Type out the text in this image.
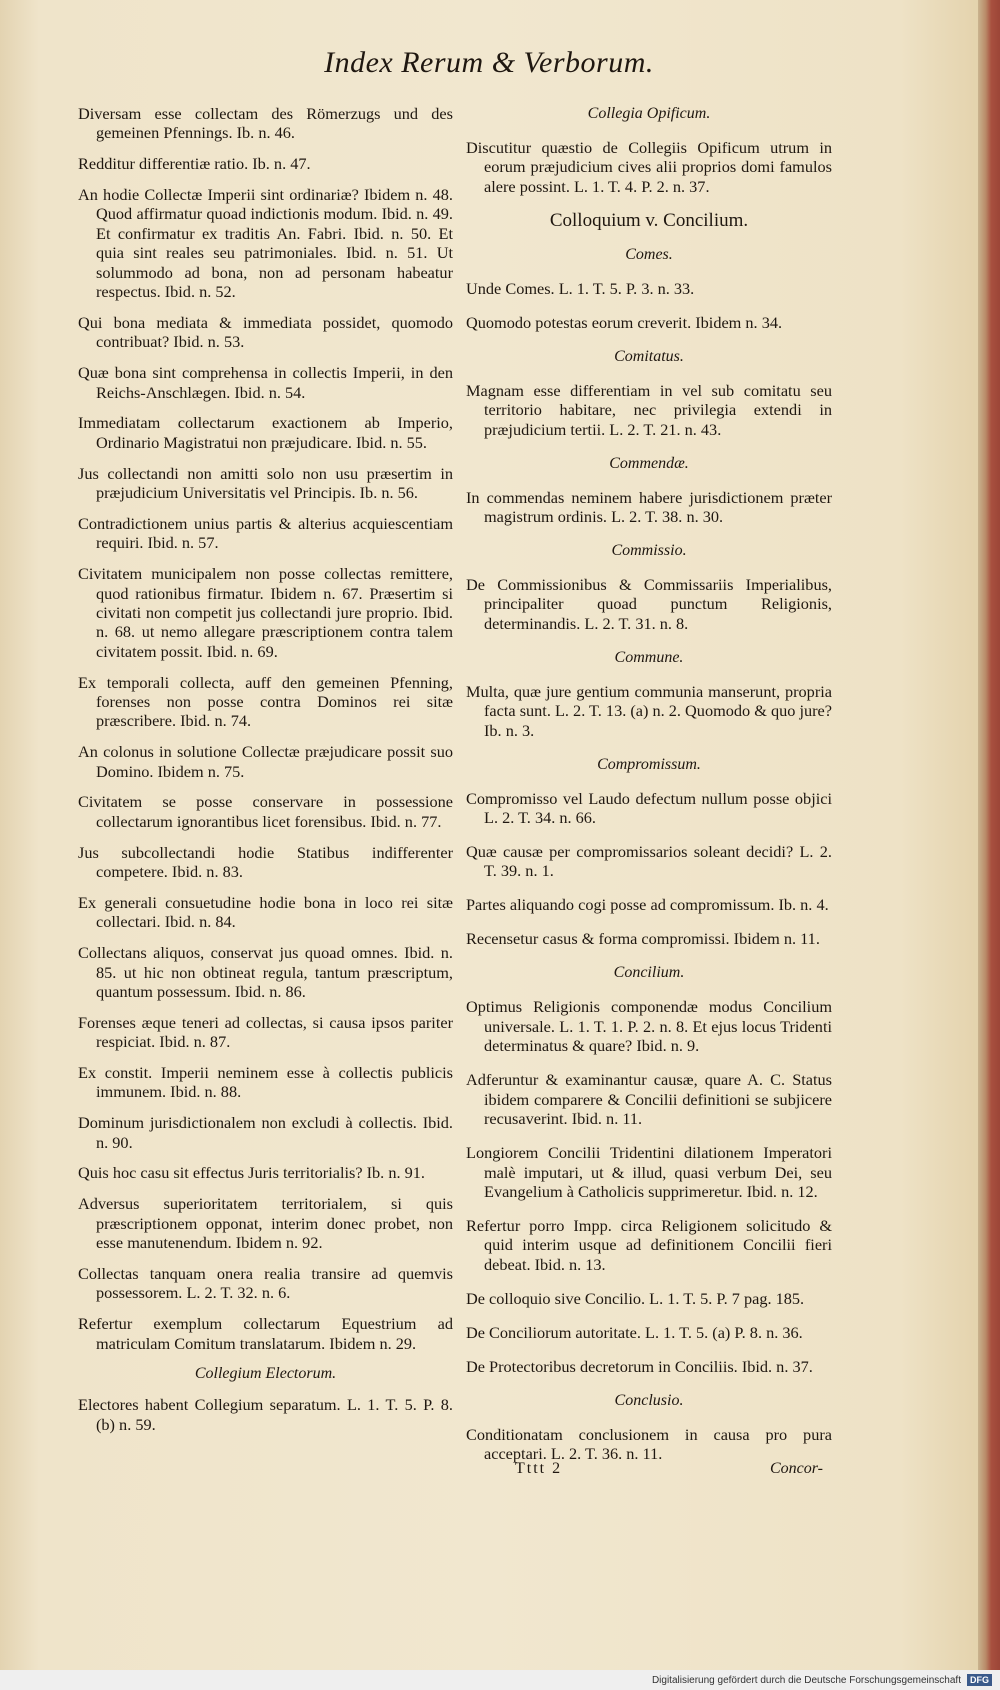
Index Rerum & Verborum.

Diversam esse collectam des Römerzugs und des gemeinen Pfennings. Ib. n. 46.

Redditur differentiæ ratio. Ib. n. 47.

An hodie Collectæ Imperii sint ordinariæ? Ibidem n. 48. Quod affirmatur quoad indictionis modum. Ibid. n. 49. Et confirmatur ex traditis An. Fabri. Ibid. n. 50. Et quia sint reales seu patrimoniales. Ibid. n. 51. Ut solummodo ad bona, non ad personam habeatur respectus. Ibid. n. 52.

Qui bona mediata & immediata possidet, quomodo contribuat? Ibid. n. 53.

Quæ bona sint comprehensa in collectis Imperii, in den Reichs-Anschlægen. Ibid. n. 54.

Immediatam collectarum exactionem ab Imperio, Ordinario Magistratui non præjudicare. Ibid. n. 55.

Jus collectandi non amitti solo non usu præsertim in præjudicium Universitatis vel Principis. Ib. n. 56.

Contradictionem unius partis & alterius acquiescentiam requiri. Ibid. n. 57.

Civitatem municipalem non posse collectas remittere, quod rationibus firmatur. Ibidem n. 67. Præsertim si civitati non competit jus collectandi jure proprio. Ibid. n. 68. ut nemo allegare præscriptionem contra talem civitatem possit. Ibid. n. 69.

Ex temporali collecta, auff den gemeinen Pfenning, forenses non posse contra Dominos rei sitæ præscribere. Ibid. n. 74.

An colonus in solutione Collectæ præjudicare possit suo Domino. Ibidem n. 75.

Civitatem se posse conservare in possessione collectarum ignorantibus licet forensibus. Ibid. n. 77.

Jus subcollectandi hodie Statibus indifferenter competere. Ibid. n. 83.

Ex generali consuetudine hodie bona in loco rei sitæ collectari. Ibid. n. 84.

Collectans aliquos, conservat jus quoad omnes. Ibid. n. 85. ut hic non obtineat regula, tantum præscriptum, quantum possessum. Ibid. n. 86.

Forenses æque teneri ad collectas, si causa ipsos pariter respiciat. Ibid. n. 87.

Ex constit. Imperii neminem esse à collectis publicis immunem. Ibid. n. 88.

Dominum jurisdictionalem non excludi à collectis. Ibid. n. 90.

Quis hoc casu sit effectus Juris territorialis? Ib. n. 91.

Adversus superioritatem territorialem, si quis præscriptionem opponat, interim donec probet, non esse manutenendum. Ibidem n. 92.

Collectas tanquam onera realia transire ad quemvis possessorem. L. 2. T. 32. n. 6.

Refertur exemplum collectarum Equestrium ad matriculam Comitum translatarum. Ibidem n. 29.

Collegium Electorum.

Electores habent Collegium separatum. L. 1. T. 5. P. 8. (b) n. 59.

Collegia Opificum.

Discutitur quæstio de Collegiis Opificum utrum in eorum præjudicium cives alii proprios domi famulos alere possint. L. 1. T. 4. P. 2. n. 37.

Colloquium v. Concilium.

Comes.

Unde Comes. L. 1. T. 5. P. 3. n. 33.

Quomodo potestas eorum creverit. Ibidem n. 34.

Comitatus.

Magnam esse differentiam in vel sub comitatu seu territorio habitare, nec privilegia extendi in præjudicium tertii. L. 2. T. 21. n. 43.

Commendæ.

In commendas neminem habere jurisdictionem præter magistrum ordinis. L. 2. T. 38. n. 30.

Commissio.

De Commissionibus & Commissariis Imperialibus, principaliter quoad punctum Religionis, determinandis. L. 2. T. 31. n. 8.

Commune.

Multa, quæ jure gentium communia manserunt, propria facta sunt. L. 2. T. 13. (a) n. 2. Quomodo & quo jure? Ib. n. 3.

Compromissum.

Compromisso vel Laudo defectum nullum posse objici L. 2. T. 34. n. 66.

Quæ causæ per compromissarios soleant decidi? L. 2. T. 39. n. 1.

Partes aliquando cogi posse ad compromissum. Ib. n. 4.

Recensetur casus & forma compromissi. Ibidem n. 11.

Concilium.

Optimus Religionis componendæ modus Concilium universale. L. 1. T. 1. P. 2. n. 8. Et ejus locus Tridenti determinatus & quare? Ibid. n. 9.

Adferuntur & examinantur causæ, quare A. C. Status ibidem comparere & Concilii definitioni se subjicere recusaverint. Ibid. n. 11.

Longiorem Concilii Tridentini dilationem Imperatori malè imputari, ut & illud, quasi verbum Dei, seu Evangelium à Catholicis supprimeretur. Ibid. n. 12.

Refertur porro Impp. circa Religionem solicitudo & quid interim usque ad definitionem Concilii fieri debeat. Ibid. n. 13.

De colloquio sive Concilio. L. 1. T. 5. P. 7 pag. 185.

De Conciliorum autoritate. L. 1. T. 5. (a) P. 8. n. 36.

De Protectoribus decretorum in Conciliis. Ibid. n. 37.

Conclusio.

Conditionatam conclusionem in causa pro pura acceptari. L. 2. T. 36. n. 11.

Tttt 2	Concor-
Digitalisierung gefördert durch die Deutsche Forschungsgemeinschaft	DFG
